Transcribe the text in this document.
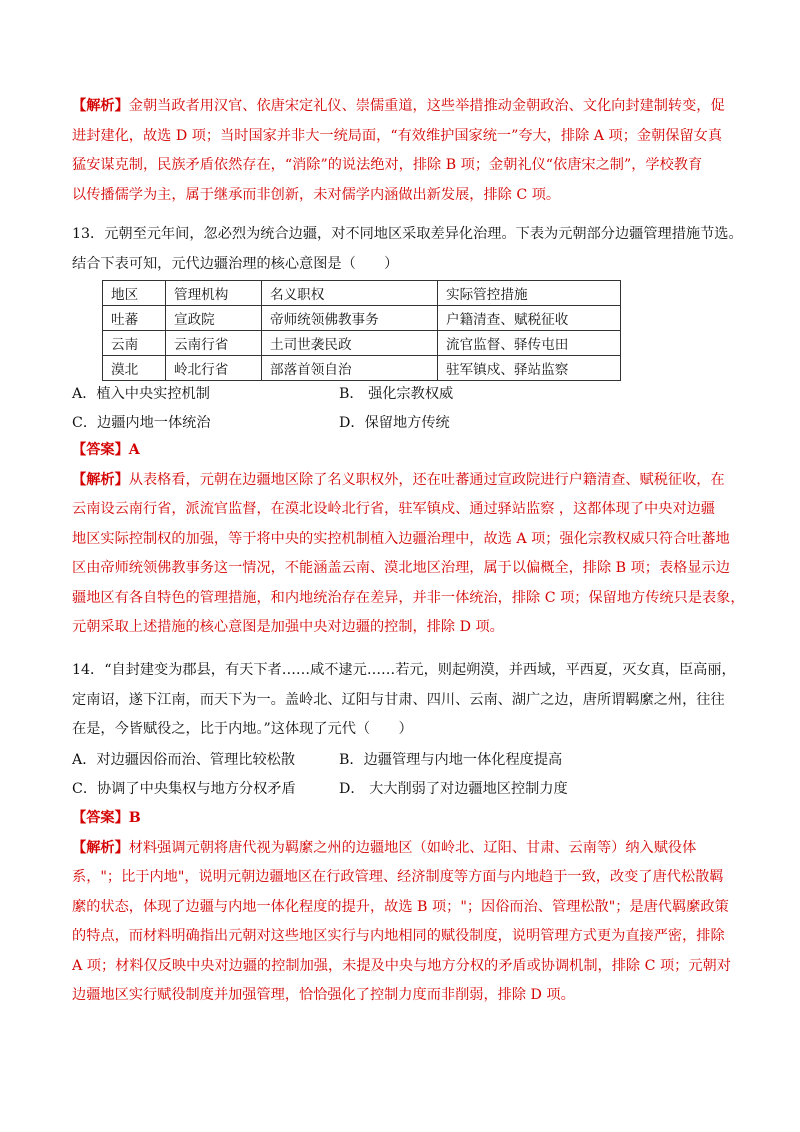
【解析】金朝当政者用汉官、依唐宋定礼仪、崇儒重道，这些举措推动金朝政治、文化向封建制转变，促
进封建化，故选 D 项；当时国家并非大一统局面，“有效维护国家统一”夸大，排除 A 项；金朝保留女真
猛安谋克制，民族矛盾依然存在，“消除”的说法绝对，排除 B 项；金朝礼仪“依唐宋之制”，学校教育
以传播儒学为主，属于继承而非创新，未对儒学内涵做出新发展，排除 C 项。
13．元朝至元年间，忽必烈为统合边疆，对不同地区采取差异化治理。下表为元朝部分边疆管理措施节选。
结合下表可知，元代边疆治理的核心意图是（　　）
地区	管理机构	名义职权	实际管控措施
吐蕃	宣政院	帝师统领佛教事务	户籍清查、赋税征收
云南	云南行省	土司世袭民政	流官监督、驿传屯田
漠北	岭北行省	部落首领自治	驻军镇戍、驿站监察
A．植入中央实控机制	B． 强化宗教权威
C．边疆内地一体统治	D．保留地方传统
【答案】A
【解析】从表格看，元朝在边疆地区除了名义职权外，还在吐蕃通过宣政院进行户籍清查、赋税征收，在
云南设云南行省，派流官监督，在漠北设岭北行省，驻军镇戍、通过驿站监察 ，这都体现了中央对边疆
地区实际控制权的加强，等于将中央的实控机制植入边疆治理中，故选 A 项；强化宗教权威只符合吐蕃地
区由帝师统领佛教事务这一情况，不能涵盖云南、漠北地区治理，属于以偏概全，排除 B 项；表格显示边
疆地区有各自特色的管理措施，和内地统治存在差异，并非一体统治，排除 C 项；保留地方传统只是表象，
元朝采取上述措施的核心意图是加强中央对边疆的控制，排除 D 项。
14．“自封建变为郡县，有天下者……咸不逮元……若元，则起朔漠，并西域，平西夏，灭女真，臣高丽，
定南诏，遂下江南，而天下为一。盖岭北、辽阳与甘肃、四川、云南、湖广之边，唐所谓羁縻之州，往往
在是，今皆赋役之，比于内地。”这体现了元代（　　）
A．对边疆因俗而治、管理比较松散	B．边疆管理与内地一体化程度提高
C．协调了中央集权与地方分权矛盾	D． 大大削弱了对边疆地区控制力度
【答案】B
【解析】材料强调元朝将唐代视为羁縻之州的边疆地区（如岭北、辽阳、甘肃、云南等）纳入赋役体
系，"；比于内地"，说明元朝边疆地区在行政管理、经济制度等方面与内地趋于一致，改变了唐代松散羁
縻的状态，体现了边疆与内地一体化程度的提升，故选 B 项；"；因俗而治、管理松散"；是唐代羁縻政策
的特点，而材料明确指出元朝对这些地区实行与内地相同的赋役制度，说明管理方式更为直接严密，排除
A 项；材料仅反映中央对边疆的控制加强，未提及中央与地方分权的矛盾或协调机制，排除 C 项；元朝对
边疆地区实行赋役制度并加强管理，恰恰强化了控制力度而非削弱，排除 D 项。
